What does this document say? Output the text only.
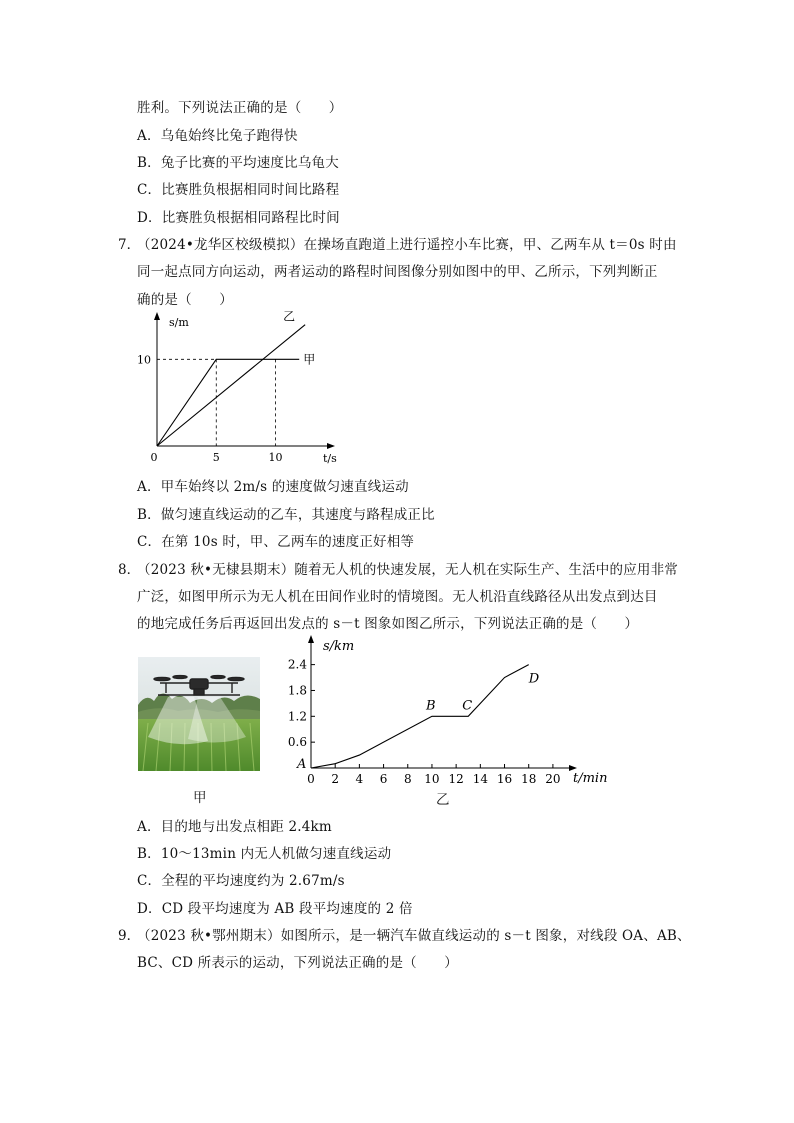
胜利。下列说法正确的是（　　）
A．乌龟始终比兔子跑得快
B．兔子比赛的平均速度比乌龟大
C．比赛胜负根据相同时间比路程
D．比赛胜负根据相同路程比时间
7．
（2024•龙华区校级模拟）在操场直跑道上进行遥控小车比赛，甲、乙两车从 t＝0s 时由
同一起点同方向运动，两者运动的路程时间图像分别如图中的甲、乙所示，下列判断正
确的是（　　）
s/m
t/s
0	5	10
10	甲
乙
A．甲车始终以 2m/s 的速度做匀速直线运动
B．做匀速直线运动的乙车，其速度与路程成正比
C．在第 10s 时，甲、乙两车的速度正好相等
8．
（2023 秋•无棣县期末）随着无人机的快速发展，无人机在实际生产、生活中的应用非常
广泛，如图甲所示为无人机在田间作业时的情境图。无人机沿直线路径从出发点到达目
的地完成任务后再返回出发点的 s－t 图象如图乙所示，下列说法正确的是（　　）
甲
s/km
t/min
0 2 4 6 8 10 12 14 16 18 20
0.6
1.2
1.8
2.4
A
B C
D
乙
A．目的地与出发点相距 2.4km
B．10～13min 内无人机做匀速直线运动
C．全程的平均速度约为 2.67m/s
D．CD 段平均速度为 AB 段平均速度的 2 倍
9．
（2023 秋•鄂州期末）如图所示，是一辆汽车做直线运动的 s－t 图象，对线段 OA、AB、
BC、CD 所表示的运动，下列说法正确的是（　　）
